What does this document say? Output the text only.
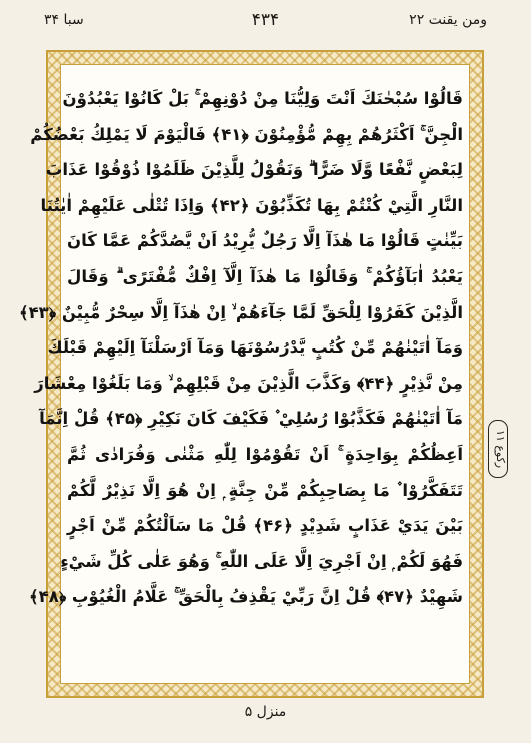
ومن یقنت ۲۲
۴۳۴
سبا ۳۴
قَالُوْا سُبْحٰنَكَ اَنْتَ وَلِيُّنَا مِنْ دُوْنِهِمْ ۚ بَلْ كَانُوْا يَعْبُدُوْنَ
الْجِنَّ ۚ اَكْثَرُهُمْ بِهِمْ مُّؤْمِنُوْنَ ﴿۴۱﴾ فَالْيَوْمَ لَا يَمْلِكُ بَعْضُكُمْ
لِبَعْضٍ نَّفْعًا وَّلَا ضَرًّا ۗ وَنَقُوْلُ لِلَّذِيْنَ ظَلَمُوْا ذُوْقُوْا عَذَابَ
النَّارِ الَّتِيْ كُنْتُمْ بِهَا تُكَذِّبُوْنَ ﴿۴۲﴾ وَاِذَا تُتْلٰى عَلَيْهِمْ اٰيٰتُنَا
بَيِّنٰتٍ قَالُوْا مَا هٰذَآ اِلَّا رَجُلٌ يُّرِيْدُ اَنْ يَّصُدَّكُمْ عَمَّا كَانَ
يَعْبُدُ اٰبَآؤُكُمْ ۚ وَقَالُوْا مَا هٰذَآ اِلَّآ اِفْكٌ مُّفْتَرًى ۗ وَقَالَ
الَّذِيْنَ كَفَرُوْا لِلْحَقِّ لَمَّا جَآءَهُمْ ۙ اِنْ هٰذَآ اِلَّا سِحْرٌ مُّبِيْنٌ ﴿۴۳﴾
وَمَآ اٰتَيْنٰهُمْ مِّنْ كُتُبٍ يَّدْرُسُوْنَهَا وَمَآ اَرْسَلْنَآ اِلَيْهِمْ قَبْلَكَ
مِنْ نَّذِيْرٍ ﴿۴۴﴾ وَكَذَّبَ الَّذِيْنَ مِنْ قَبْلِهِمْ ۙ وَمَا بَلَغُوْا مِعْشَارَ
مَآ اٰتَيْنٰهُمْ فَكَذَّبُوْا رُسُلِيْ ۫ فَكَيْفَ كَانَ نَكِيْرِ ﴿۴۵﴾ قُلْ اِنَّمَآ
اَعِظُكُمْ بِوَاحِدَةٍ ۚ اَنْ تَقُوْمُوْا لِلّٰهِ مَثْنٰى وَفُرَادٰى ثُمَّ
تَتَفَكَّرُوْا ۫ مَا بِصَاحِبِكُمْ مِّنْ جِنَّةٍ ۭ اِنْ هُوَ اِلَّا نَذِيْرٌ لَّكُمْ
بَيْنَ يَدَيْ عَذَابٍ شَدِيْدٍ ﴿۴۶﴾ قُلْ مَا سَاَلْتُكُمْ مِّنْ اَجْرٍ
فَهُوَ لَكُمْ ۭ اِنْ اَجْرِيَ اِلَّا عَلَى اللّٰهِ ۚ وَهُوَ عَلٰى كُلِّ شَيْءٍ
شَهِيْدٌ ﴿۴۷﴾ قُلْ اِنَّ رَبِّيْ يَقْذِفُ بِالْحَقِّ ۚ عَلَّامُ الْغُيُوْبِ ﴿۴۸﴾
رکوع ۱۱
منزل ۵
